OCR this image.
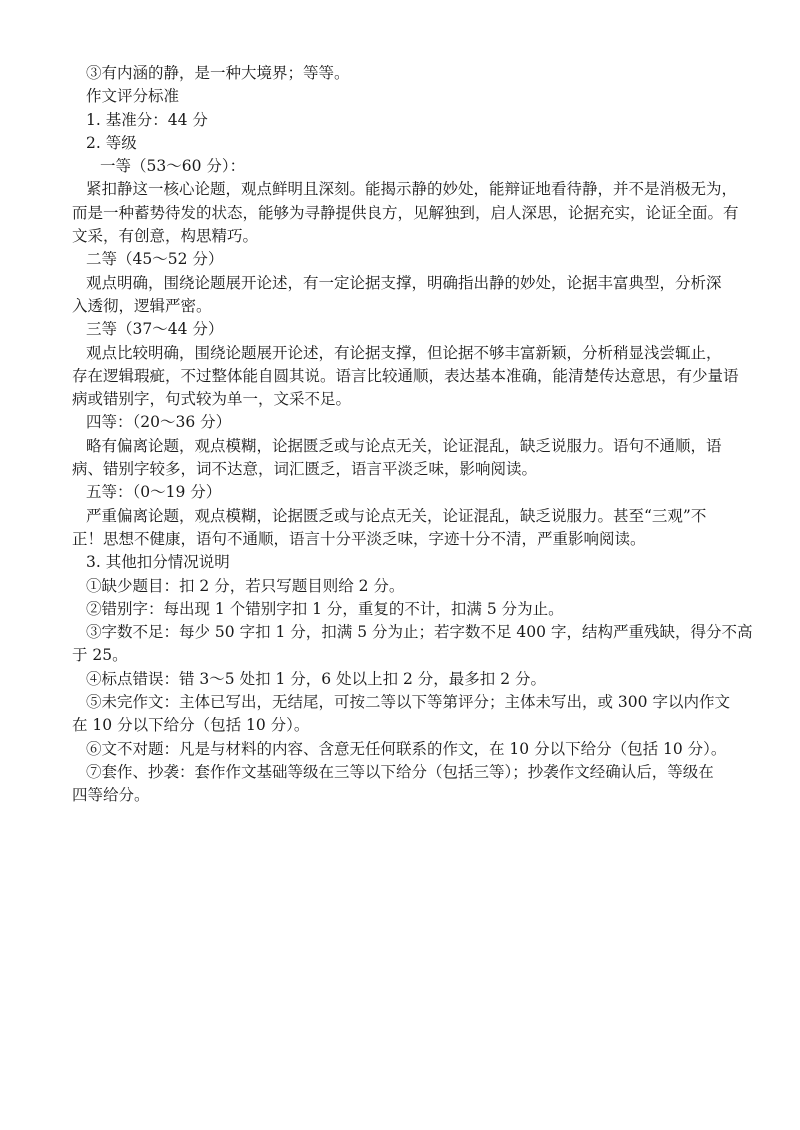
③有内涵的静，是一种大境界；等等。

作文评分标准

1. 基准分：44 分

2. 等级

一等（53～60 分）：

紧扣静这一核心论题，观点鲜明且深刻。能揭示静的妙处，能辩证地看待静，并不是消极无为，

而是一种蓄势待发的状态，能够为寻静提供良方，见解独到，启人深思，论据充实，论证全面。有

文采，有创意，构思精巧。

二等（45～52 分）

观点明确，围绕论题展开论述，有一定论据支撑，明确指出静的妙处，论据丰富典型，分析深

入透彻，逻辑严密。

三等（37～44 分）

观点比较明确，围绕论题展开论述，有论据支撑，但论据不够丰富新颖，分析稍显浅尝辄止，

存在逻辑瑕疵，不过整体能自圆其说。语言比较通顺，表达基本准确，能清楚传达意思，有少量语

病或错别字，句式较为单一，文采不足。

四等：（20～36 分）

略有偏离论题，观点模糊，论据匮乏或与论点无关，论证混乱，缺乏说服力。语句不通顺，语

病、错别字较多，词不达意，词汇匮乏，语言平淡乏味，影响阅读。

五等：（0～19 分）

严重偏离论题，观点模糊，论据匮乏或与论点无关，论证混乱，缺乏说服力。甚至“三观”不

正！思想不健康，语句不通顺，语言十分平淡乏味，字迹十分不清，严重影响阅读。

3. 其他扣分情况说明

①缺少题目：扣 2 分，若只写题目则给 2 分。

②错别字：每出现 1 个错别字扣 1 分，重复的不计，扣满 5 分为止。

③字数不足：每少 50 字扣 1 分，扣满 5 分为止；若字数不足 400 字，结构严重残缺，得分不高

于 25。

④标点错误：错 3～5 处扣 1 分，6 处以上扣 2 分，最多扣 2 分。

⑤未完作文：主体已写出，无结尾，可按二等以下等第评分；主体未写出，或 300 字以内作文

在 10 分以下给分（包括 10 分）。

⑥文不对题：凡是与材料的内容、含意无任何联系的作文，在 10 分以下给分（包括 10 分）。

⑦套作、抄袭：套作作文基础等级在三等以下给分（包括三等）；抄袭作文经确认后，等级在

四等给分。
